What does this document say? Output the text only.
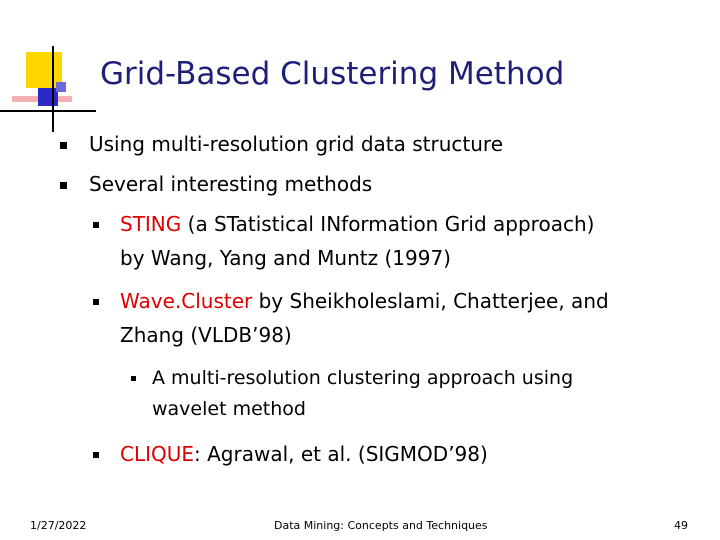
Grid-Based Clustering Method
Using multi-resolution grid data structure
Several interesting methods
STING (a STatistical INformation Grid approach)
by Wang, Yang and Muntz (1997)
Wave.Cluster by Sheikholeslami, Chatterjee, and
Zhang (VLDB’98)
A multi-resolution clustering approach using
wavelet method
CLIQUE: Agrawal, et al. (SIGMOD’98)
1/27/2022	Data Mining: Concepts and Techniques	49
